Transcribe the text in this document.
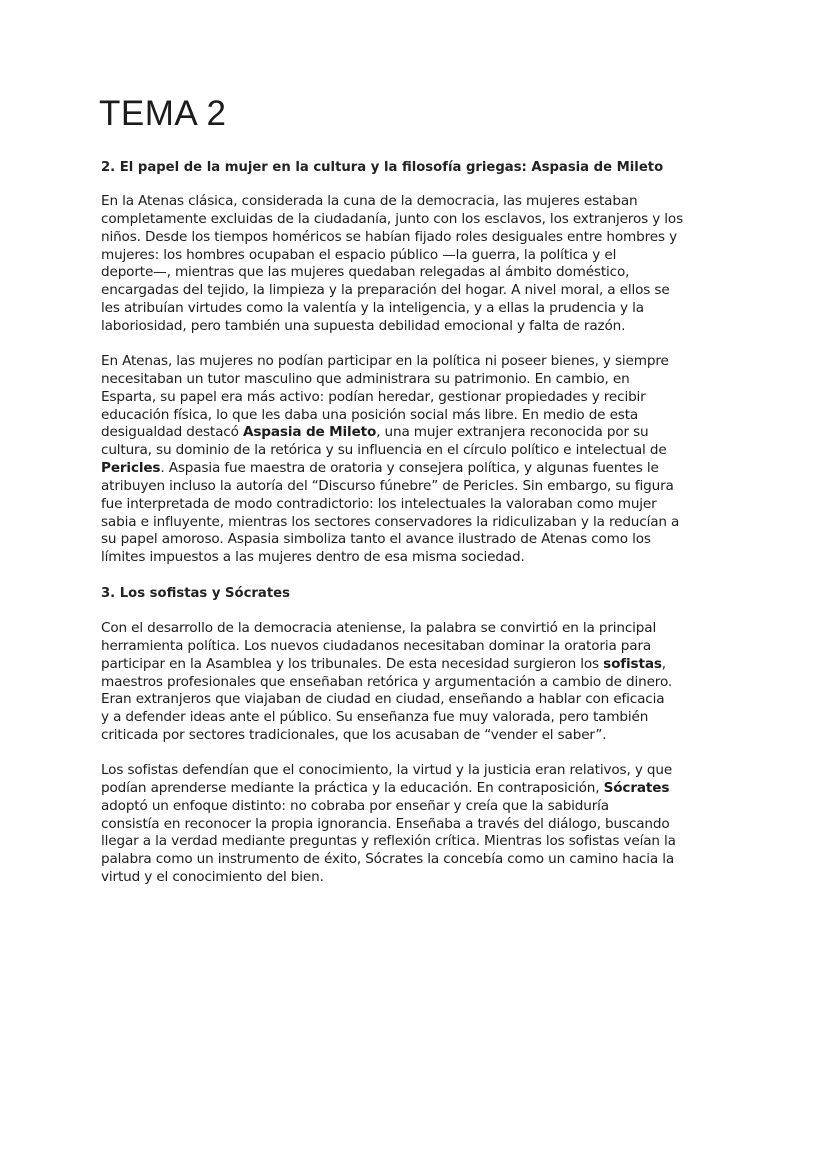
TEMA 2
2. El papel de la mujer en la cultura y la filosofía griegas: Aspasia de Mileto
En la Atenas clásica, considerada la cuna de la democracia, las mujeres estaban
completamente excluidas de la ciudadanía, junto con los esclavos, los extranjeros y los
niños. Desde los tiempos homéricos se habían fijado roles desiguales entre hombres y
mujeres: los hombres ocupaban el espacio público —la guerra, la política y el
deporte—, mientras que las mujeres quedaban relegadas al ámbito doméstico,
encargadas del tejido, la limpieza y la preparación del hogar. A nivel moral, a ellos se
les atribuían virtudes como la valentía y la inteligencia, y a ellas la prudencia y la
laboriosidad, pero también una supuesta debilidad emocional y falta de razón.
En Atenas, las mujeres no podían participar en la política ni poseer bienes, y siempre
necesitaban un tutor masculino que administrara su patrimonio. En cambio, en
Esparta, su papel era más activo: podían heredar, gestionar propiedades y recibir
educación física, lo que les daba una posición social más libre. En medio de esta
desigualdad destacó Aspasia de Mileto, una mujer extranjera reconocida por su
cultura, su dominio de la retórica y su influencia en el círculo político e intelectual de
Pericles. Aspasia fue maestra de oratoria y consejera política, y algunas fuentes le
atribuyen incluso la autoría del “Discurso fúnebre” de Pericles. Sin embargo, su figura
fue interpretada de modo contradictorio: los intelectuales la valoraban como mujer
sabia e influyente, mientras los sectores conservadores la ridiculizaban y la reducían a
su papel amoroso. Aspasia simboliza tanto el avance ilustrado de Atenas como los
límites impuestos a las mujeres dentro de esa misma sociedad.
3. Los sofistas y Sócrates
Con el desarrollo de la democracia ateniense, la palabra se convirtió en la principal
herramienta política. Los nuevos ciudadanos necesitaban dominar la oratoria para
participar en la Asamblea y los tribunales. De esta necesidad surgieron los sofistas,
maestros profesionales que enseñaban retórica y argumentación a cambio de dinero.
Eran extranjeros que viajaban de ciudad en ciudad, enseñando a hablar con eficacia
y a defender ideas ante el público. Su enseñanza fue muy valorada, pero también
criticada por sectores tradicionales, que los acusaban de “vender el saber”.
Los sofistas defendían que el conocimiento, la virtud y la justicia eran relativos, y que
podían aprenderse mediante la práctica y la educación. En contraposición, Sócrates
adoptó un enfoque distinto: no cobraba por enseñar y creía que la sabiduría
consistía en reconocer la propia ignorancia. Enseñaba a través del diálogo, buscando
llegar a la verdad mediante preguntas y reflexión crítica. Mientras los sofistas veían la
palabra como un instrumento de éxito, Sócrates la concebía como un camino hacia la
virtud y el conocimiento del bien.
